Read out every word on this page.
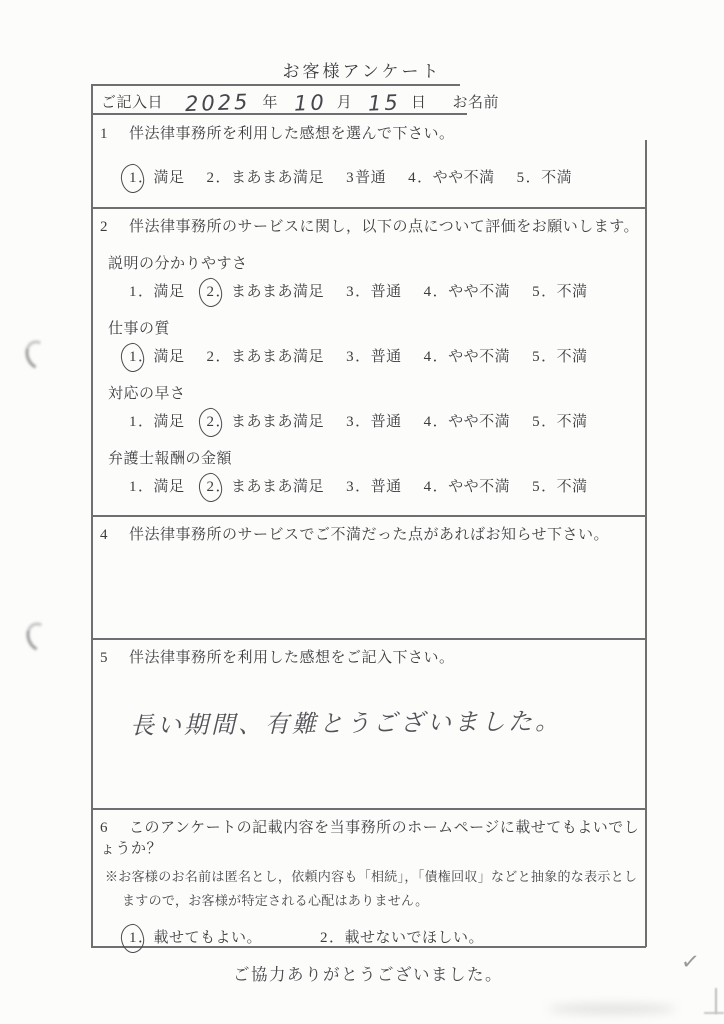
お客様アンケート
ご記入日 2025 年 10 月 15 日 お名前
1 伴法律事務所を利用した感想を選んで下さい。
1．満足 2．まあまあ満足 3普通 4．やや不満 5．不満
2 伴法律事務所のサービスに関し，以下の点について評価をお願いします。
説明の分かりやすさ
1．満足 2．まあまあ満足 3．普通 4．やや不満 5．不満
仕事の質
1．満足 2．まあまあ満足 3．普通 4．やや不満 5．不満
対応の早さ
1．満足 2．まあまあ満足 3．普通 4．やや不満 5．不満
弁護士報酬の金額
1．満足 2．まあまあ満足 3．普通 4．やや不満 5．不満
4 伴法律事務所のサービスでご不満だった点があればお知らせ下さい。
5 伴法律事務所を利用した感想をご記入下さい。
長い期間、有難とうございました。
6 このアンケートの記載内容を当事務所のホームページに載せてもよいでしょうか？
※お客様のお名前は匿名とし，依頼内容も「相続」，「債権回収」などと抽象的な表示としますので，お客様が特定される心配はありません。
1．載せてもよい。	2．載せないでほしい。
ご協力ありがとうございました。	✓
